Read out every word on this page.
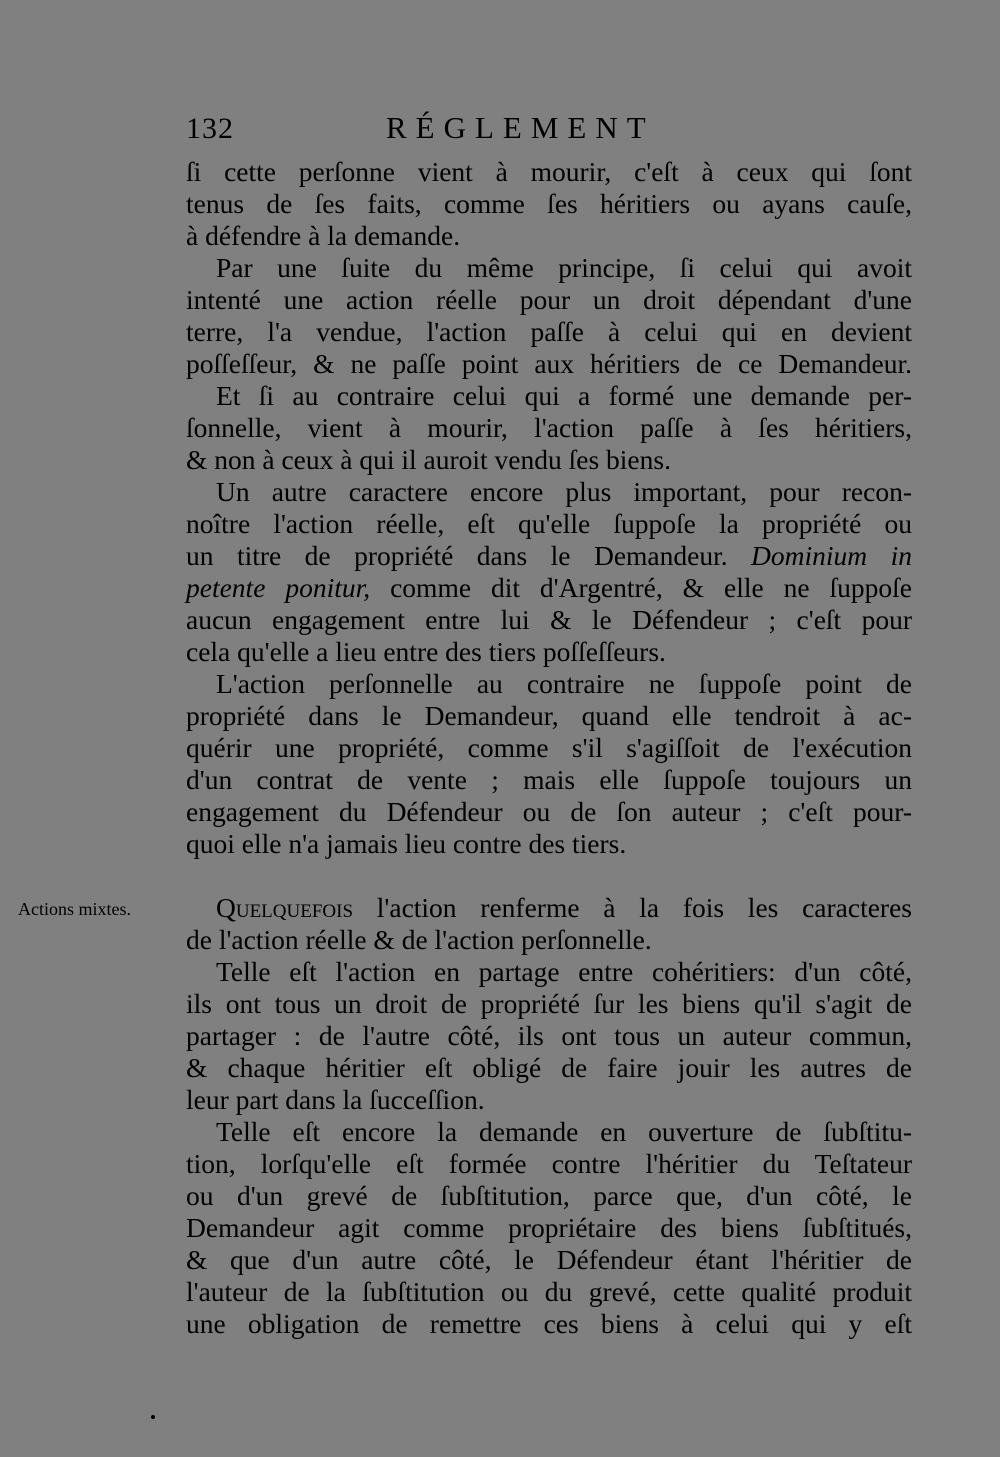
132	RÉGLEMENT
ſi cette perſonne vient à mourir, c'eſt à ceux qui ſont
tenus de ſes faits, comme ſes héritiers ou ayans cauſe,
à défendre à la demande.
Par une ſuite du même principe, ſi celui qui avoit
intenté une action réelle pour un droit dépendant d'une
terre, l'a vendue, l'action paſſe à celui qui en devient
poſſeſſeur, & ne paſſe point aux héritiers de ce Demandeur.
Et ſi au contraire celui qui a formé une demande per-
ſonnelle, vient à mourir, l'action paſſe à ſes héritiers,
& non à ceux à qui il auroit vendu ſes biens.
Un autre caractere encore plus important, pour recon-
noître l'action réelle, eſt qu'elle ſuppoſe la propriété ou
un titre de propriété dans le Demandeur. Dominium in
petente ponitur, comme dit d'Argentré, & elle ne ſuppoſe
aucun engagement entre lui & le Défendeur ; c'eſt pour
cela qu'elle a lieu entre des tiers poſſeſſeurs.
L'action perſonnelle au contraire ne ſuppoſe point de
propriété dans le Demandeur, quand elle tendroit à ac-
quérir une propriété, comme s'il s'agiſſoit de l'exécution
d'un contrat de vente ; mais elle ſuppoſe toujours un
engagement du Défendeur ou de ſon auteur ; c'eſt pour-
quoi elle n'a jamais lieu contre des tiers.
Actions mixtes.	Quelquefois l'action renferme à la fois les caracteres
de l'action réelle & de l'action perſonnelle.
Telle eſt l'action en partage entre cohéritiers: d'un côté,
ils ont tous un droit de propriété ſur les biens qu'il s'agit de
partager : de l'autre côté, ils ont tous un auteur commun,
& chaque héritier eſt obligé de faire jouir les autres de
leur part dans la ſucceſſion.
Telle eſt encore la demande en ouverture de ſubſtitu-
tion, lorſqu'elle eſt formée contre l'héritier du Teſtateur
ou d'un grevé de ſubſtitution, parce que, d'un côté, le
Demandeur agit comme propriétaire des biens ſubſtitués,
& que d'un autre côté, le Défendeur étant l'héritier de
l'auteur de la ſubſtitution ou du grevé, cette qualité produit
une obligation de remettre ces biens à celui qui y eſt
